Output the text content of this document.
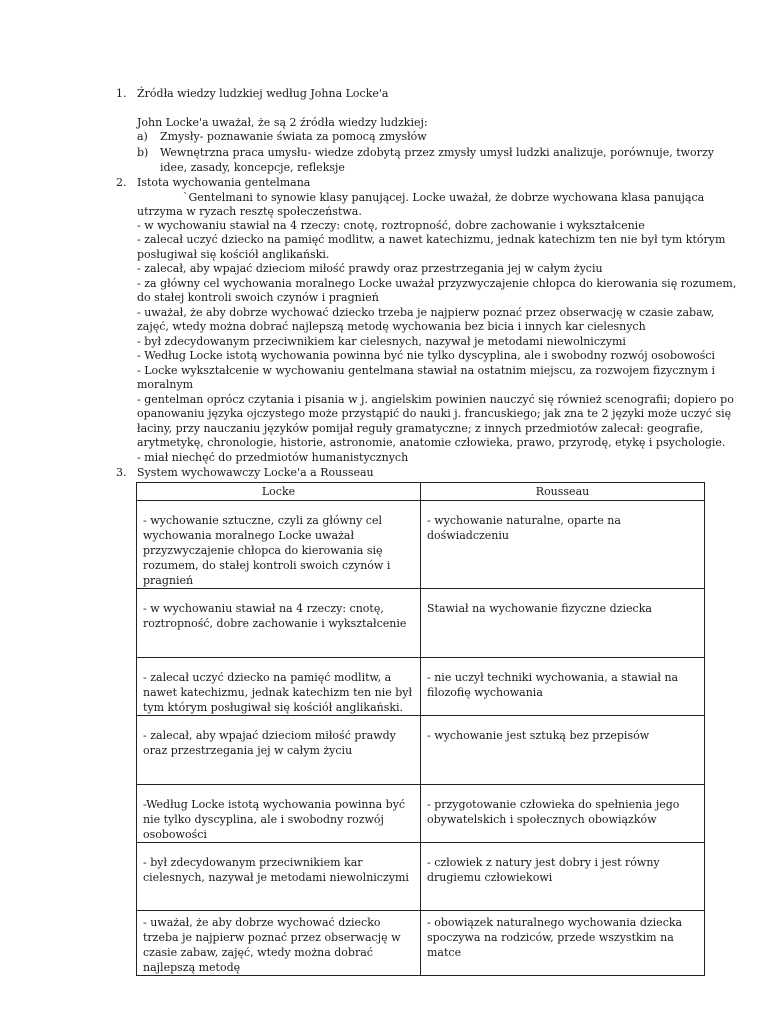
1. Źródła wiedzy ludzkiej według Johna Locke'a
John Locke'a uważał, że są 2 źródła wiedzy ludzkiej:
a) Zmysły- poznawanie świata za pomocą zmysłów
b) Wewnętrzna praca umysłu- wiedze zdobytą przez zmysły umysł ludzki analizuje, porównuje, tworzy
idee, zasady, koncepcje, refleksje
2. Istota wychowania gentelmana
`Gentelmani to synowie klasy panującej. Locke uważał, że dobrze wychowana klasa panująca
utrzyma w ryzach resztę społeczeństwa.
- w wychowaniu stawiał na 4 rzeczy: cnotę, roztropność, dobre zachowanie i wykształcenie
- zalecał uczyć dziecko na pamięć modlitw, a nawet katechizmu, jednak katechizm ten nie był tym którym
posługiwał się kościół anglikański.
- zalecał, aby wpajać dzieciom miłość prawdy oraz przestrzegania jej w całym życiu
- za główny cel wychowania moralnego Locke uważał przyzwyczajenie chłopca do kierowania się rozumem,
do stałej kontroli swoich czynów i pragnień
- uważał, że aby dobrze wychować dziecko trzeba je najpierw poznać przez obserwację w czasie zabaw,
zajęć, wtedy można dobrać najlepszą metodę wychowania bez bicia i innych kar cielesnych
- był zdecydowanym przeciwnikiem kar cielesnych, nazywał je metodami niewolniczymi
- Według Locke istotą wychowania powinna być nie tylko dyscyplina, ale i swobodny rozwój osobowości
- Locke wykształcenie w wychowaniu gentelmana stawiał na ostatnim miejscu, za rozwojem fizycznym i
moralnym
- gentelman oprócz czytania i pisania w j. angielskim powinien nauczyć się również scenografii; dopiero po
opanowaniu języka ojczystego może przystąpić do nauki j. francuskiego; jak zna te 2 języki może uczyć się
łaciny, przy nauczaniu języków pomijał reguły gramatyczne; z innych przedmiotów zalecał: geografie,
arytmetykę, chronologie, historie, astronomie, anatomie człowieka, prawo, przyrodę, etykę i psychologie.
- miał niechęć do przedmiotów humanistycznych
3. System wychowawczy Locke'a a Rousseau
Locke	Rousseau

- wychowanie sztuczne, czyli za główny cel wychowania moralnego Locke uważał przyzwyczajenie chłopca do kierowania się rozumem, do stałej kontroli swoich czynów i pragnień	- wychowanie naturalne, oparte na doświadczeniu

- w wychowaniu stawiał na 4 rzeczy: cnotę, roztropność, dobre zachowanie i wykształcenie	Stawiał na wychowanie fizyczne dziecka

- zalecał uczyć dziecko na pamięć modlitw, a nawet katechizmu, jednak katechizm ten nie był tym którym posługiwał się kościół anglikański.	- nie uczył techniki wychowania, a stawiał na filozofię wychowania

- zalecał, aby wpajać dzieciom miłość prawdy oraz przestrzegania jej w całym życiu	- wychowanie jest sztuką bez przepisów

-Według Locke istotą wychowania powinna być nie tylko dyscyplina, ale i swobodny rozwój osobowości	- przygotowanie człowieka do spełnienia jego obywatelskich i społecznych obowiązków

- był zdecydowanym przeciwnikiem kar cielesnych, nazywał je metodami niewolniczymi	- człowiek z natury jest dobry i jest równy drugiemu człowiekowi

- uważał, że aby dobrze wychować dziecko trzeba je najpierw poznać przez obserwację w czasie zabaw, zajęć, wtedy można dobrać najlepszą metodę	- obowiązek naturalnego wychowania dziecka spoczywa na rodziców, przede wszystkim na matce
